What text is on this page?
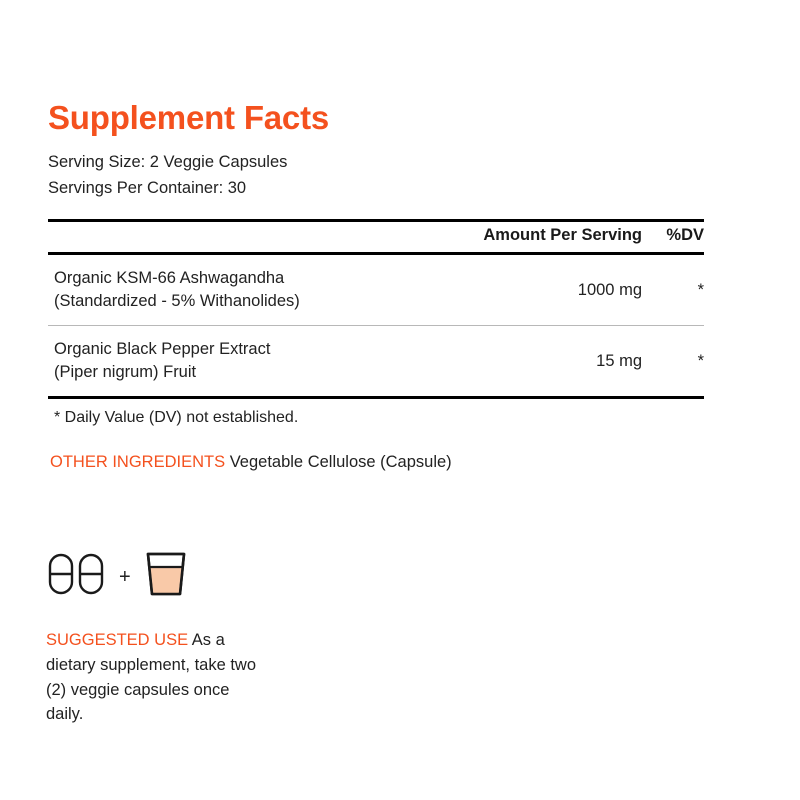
Supplement Facts
Serving Size: 2 Veggie Capsules
Servings Per Container: 30
Amount Per Serving	%DV
Organic KSM-66 Ashwagandha
(Standardized - 5% Withanolides)
1000 mg	*
Organic Black Pepper Extract
(Piper nigrum) Fruit
15 mg	*
* Daily Value (DV) not established.
OTHER INGREDIENTS Vegetable Cellulose (Capsule)
+
SUGGESTED USE As a dietary supplement, take two (2) veggie capsules once daily.
